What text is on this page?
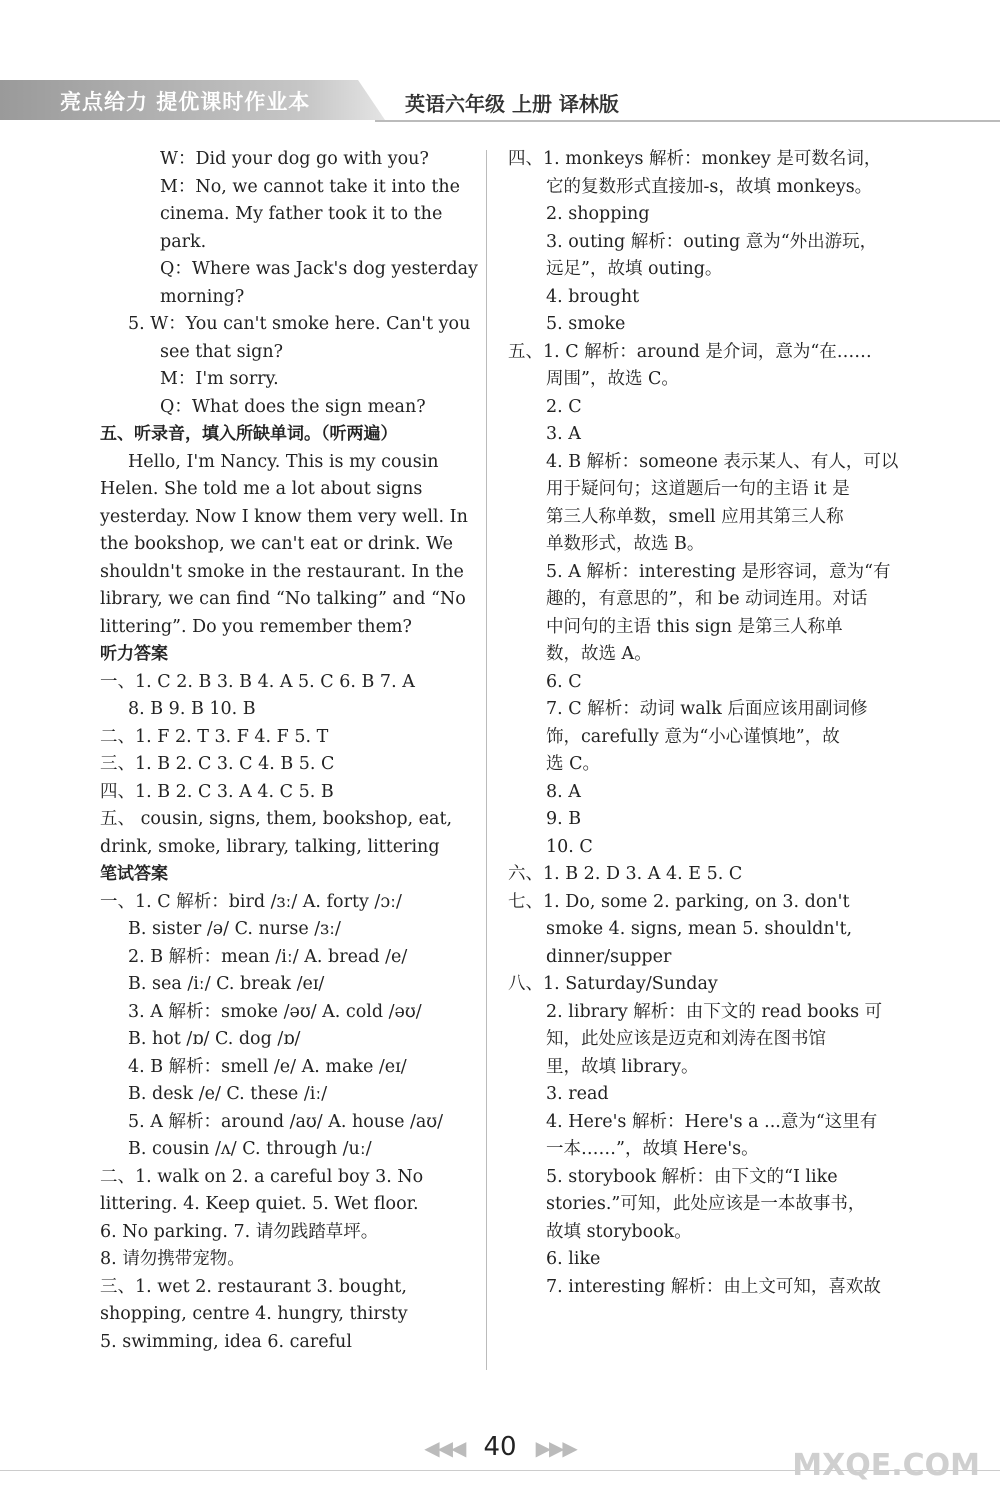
亮点给力 提优课时作业本	英语六年级 上册 译林版
W：Did your dog go with you?
M：No, we cannot take it into the
cinema. My father took it to the
park.
Q：Where was Jack's dog yesterday
morning?
5. W：You can't smoke here. Can't you
see that sign?
M：I'm sorry.
Q：What does the sign mean?
五、听录音，填入所缺单词。（听两遍）
Hello, I'm Nancy. This is my cousin
Helen. She told me a lot about signs
yesterday. Now I know them very well. In
the bookshop, we can't eat or drink. We
shouldn't smoke in the restaurant. In the
library, we can find “No talking” and “No
littering”. Do you remember them?
听力答案
一、1. C 2. B 3. B 4. A 5. C 6. B 7. A
8. B 9. B 10. B
二、1. F 2. T 3. F 4. F 5. T
三、1. B 2. C 3. C 4. B 5. C
四、1. B 2. C 3. A 4. C 5. B
五、 cousin, signs, them, bookshop, eat,
drink, smoke, library, talking, littering
笔试答案
一、1. C 解析：bird /ɜː/ A. forty /ɔː/
B. sister /ə/ C. nurse /ɜː/
2. B 解析：mean /iː/ A. bread /e/
B. sea /iː/ C. break /eɪ/
3. A 解析：smoke /əʊ/ A. cold /əʊ/
B. hot /ɒ/ C. dog /ɒ/
4. B 解析：smell /e/ A. make /eɪ/
B. desk /e/ C. these /iː/
5. A 解析：around /aʊ/ A. house /aʊ/
B. cousin /ʌ/ C. through /uː/
二、1. walk on 2. a careful boy 3. No
littering. 4. Keep quiet. 5. Wet floor.
6. No parking. 7. 请勿践踏草坪。
8. 请勿携带宠物。
三、1. wet 2. restaurant 3. bought,
shopping, centre 4. hungry, thirsty
5. swimming, idea 6. careful
四、1. monkeys 解析：monkey 是可数名词，
它的复数形式直接加-s，故填 monkeys。
2. shopping
3. outing 解析：outing 意为“外出游玩，
远足”，故填 outing。
4. brought
5. smoke
五、1. C 解析：around 是介词，意为“在……
周围”，故选 C。
2. C
3. A
4. B 解析：someone 表示某人、有人，可以
用于疑问句；这道题后一句的主语 it 是
第三人称单数，smell 应用其第三人称
单数形式，故选 B。
5. A 解析：interesting 是形容词，意为“有
趣的，有意思的”，和 be 动词连用。对话
中问句的主语 this sign 是第三人称单
数，故选 A。
6. C
7. C 解析：动词 walk 后面应该用副词修
饰，carefully 意为“小心谨慎地”，故
选 C。
8. A
9. B
10. C
六、1. B 2. D 3. A 4. E 5. C
七、1. Do, some 2. parking, on 3. don't
smoke 4. signs, mean 5. shouldn't,
dinner/supper
八、1. Saturday/Sunday
2. library 解析：由下文的 read books 可
知，此处应该是迈克和刘涛在图书馆
里，故填 library。
3. read
4. Here's 解析：Here's a ...意为“这里有
一本……”，故填 Here's。
5. storybook 解析：由下文的“I like
stories.”可知，此处应该是一本故事书，
故填 storybook。
6. like
7. interesting 解析：由上文可知，喜欢故
◀◀◀ 40 ▶▶▶	MXQE.COM
